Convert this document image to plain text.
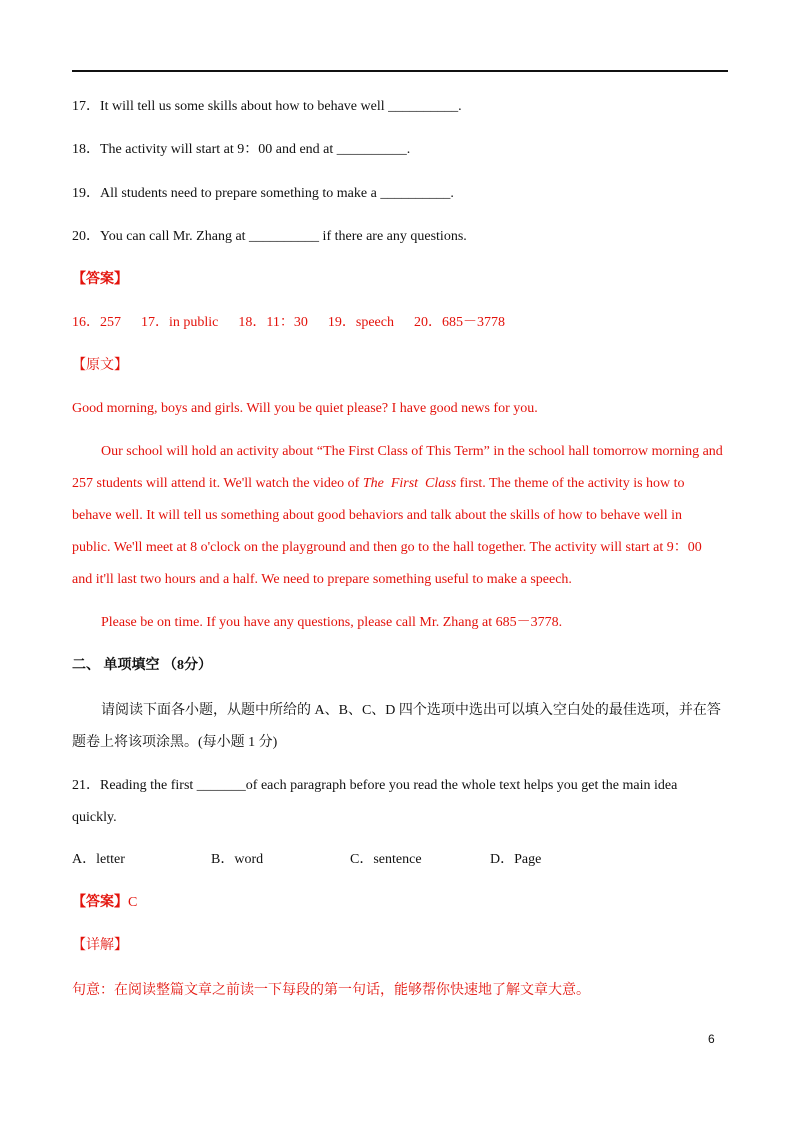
17．It will tell us some skills about how to behave well __________.
18．The activity will start at 9：00 and end at __________.
19．All students need to prepare something to make a __________.
20．You can call Mr. Zhang at __________ if there are any questions.
【答案】
16．257 17．in public 18．11：30 19．speech 20．685－3778
【原文】
Good morning, boys and girls. Will you be quiet please? I have good news for you.
Our school will hold an activity about “The First Class of This Term” in the school hall tomorrow morning and
257 students will attend it. We'll watch the video of The  First  Class first. The theme of the activity is how to
behave well. It will tell us something about good behaviors and talk about the skills of how to behave well in
public. We'll meet at 8 o'clock on the playground and then go to the hall together. The activity will start at 9：00
and it'll last two hours and a half. We need to prepare something useful to make a speech.
Please be on time. If you have any questions, please call Mr. Zhang at 685－3778.
二、 单项填空 （8分）
请阅读下面各小题，从题中所给的 A、B、C、D 四个选项中选出可以填入空白处的最佳选项，并在答
题卷上将该项涂黑。(每小题 1 分)
21．Reading the first _______of each paragraph before you read the whole text helps you get the main idea
quickly.
A．letter	B．word	C．sentence	D．Page
【答案】C
【详解】
句意：在阅读整篇文章之前读一下每段的第一句话，能够帮你快速地了解文章大意。
6
